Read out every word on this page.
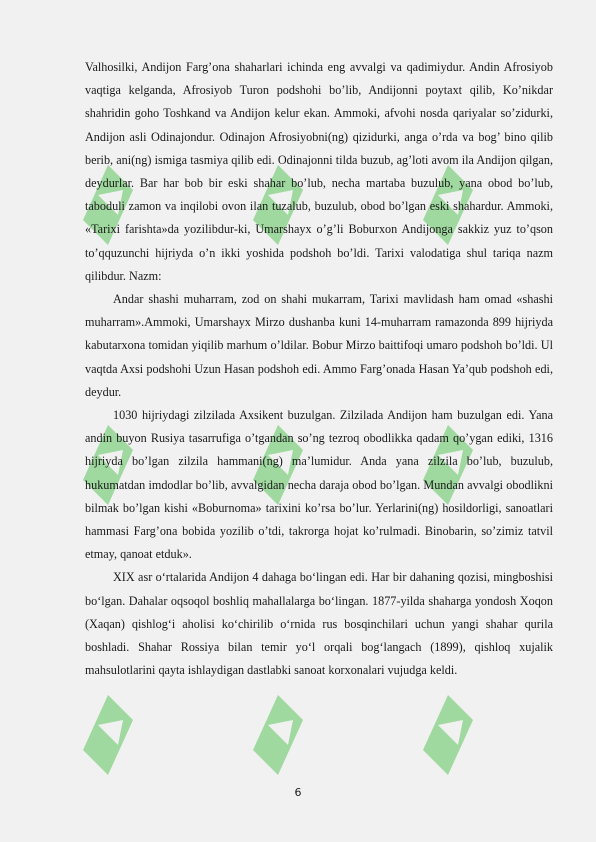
Valhosilki, Andijon Farg’ona shaharlari ichinda eng avvalgi va qadimiydur. Andin Afrosiyob vaqtiga kelganda, Afrosiyob Turon podshohi bo’lib, Andijonni poytaxt qilib, Ko’nikdar shahridin goho Toshkand va Andijon kelur ekan. Ammoki, afvohi nosda qariyalar so’zidurki, Andijon asli Odinajondur. Odinajon Afrosiyobni(ng) qizidurki, anga o’rda va bog’ bino qilib berib, ani(ng) ismiga tasmiya qilib edi. Odinajonni tilda buzub, ag’loti avom ila Andijon qilgan, deydurlar. Bar har bob bir eski shahar bo’lub, necha martaba buzulub, yana obod bo’lub, taboduli zamon va inqilobi ovon ilan tuzalub, buzulub, obod bo’lgan eski shahardur. Ammoki, «Tarixi farishta»da yozilibdur-ki, Umarshayx o’g’li Boburxon Andijonga sakkiz yuz to’qson to’qquzunchi hijriyda o’n ikki yoshida podshoh bo’ldi. Tarixi valodatiga shul tariqa nazm qilibdur. Nazm:

Andar shashi muharram, zod on shahi mukarram, Tarixi mavlidash ham omad «shashi muharram».Ammoki, Umarshayx Mirzo dushanba kuni 14-muharram ramazonda 899 hijriyda kabutarxona tomidan yiqilib marhum o’ldilar. Bobur Mirzo baittifoqi umaro podshoh bo’ldi. Ul vaqtda Axsi podshohi Uzun Hasan podshoh edi. Ammo Farg’onada Hasan Ya’qub podshoh edi, deydur.

1030 hijriydagi zilzilada Axsikent buzulgan. Zilzilada Andijon ham buzulgan edi. Yana andin buyon Rusiya tasarrufiga o’tgandan so’ng tezroq obodlikka qadam qo’ygan ediki, 1316 hijriyda bo’lgan zilzila hammani(ng) ma’lumidur. Anda yana zilzila bo’lub, buzulub, hukumatdan imdodlar bo’lib, avvalgidan necha daraja obod bo’lgan. Mundan avvalgi obodlikni bilmak bo’lgan kishi «Boburnoma» tarixini ko’rsa bo’lur. Yerlarini(ng) hosildorligi, sanoatlari hammasi Farg’ona bobida yozilib o’tdi, takrorga hojat ko’rulmadi. Binobarin, so’zimiz tatvil etmay, qanoat etduk».

XIX asr oʻrtalarida Andijon 4 dahaga boʻlingan edi. Har bir dahaning qozisi, mingboshisi boʻlgan. Dahalar oqsoqol boshliq mahallalarga boʻlingan. 1877-yilda shaharga yondosh Xoqon (Xaqan) qishlogʻi aholisi koʻchirilib oʻrnida rus bosqinchilari uchun yangi shahar qurila boshladi. Shahar Rossiya bilan temir yoʻl orqali bogʻlangach (1899), qishloq xujalik mahsulotlarini qayta ishlaydigan dastlabki sanoat korxonalari vujudga keldi.

6
